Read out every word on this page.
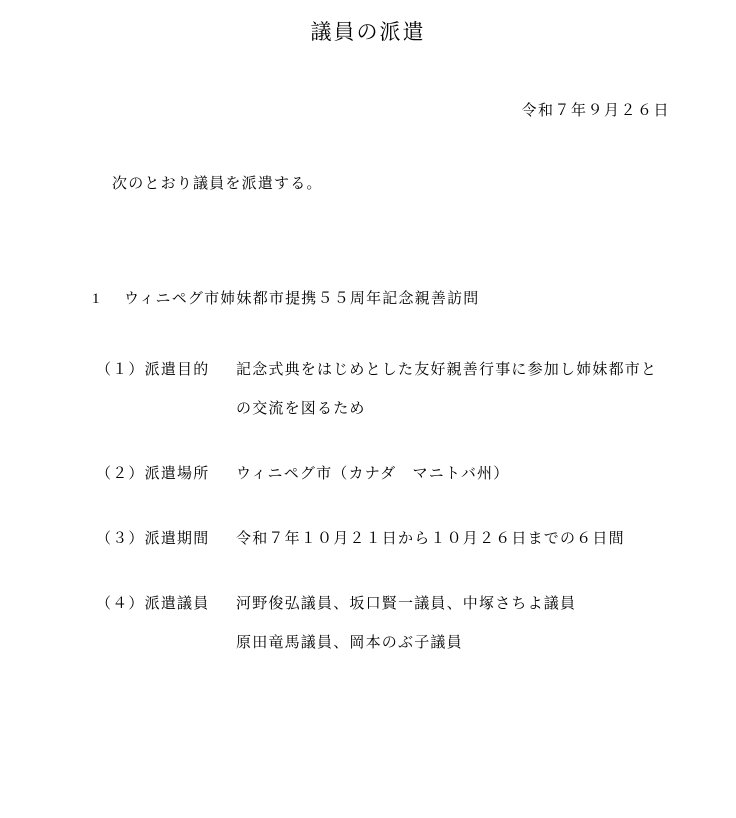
議員の派遣
令和７年９月２６日
次のとおり議員を派遣する。
1 ウィニペグ市姉妹都市提携５５周年記念親善訪問
（１）派遣目的	記念式典をはじめとした友好親善行事に参加し姉妹都市と
の交流を図るため
（２）派遣場所	ウィニペグ市（カナダ　マニトバ州）
（３）派遣期間	令和７年１０月２１日から１０月２６日までの６日間
（４）派遣議員	河野俊弘議員、坂口賢一議員、中塚さちよ議員
原田竜馬議員、岡本のぶ子議員
